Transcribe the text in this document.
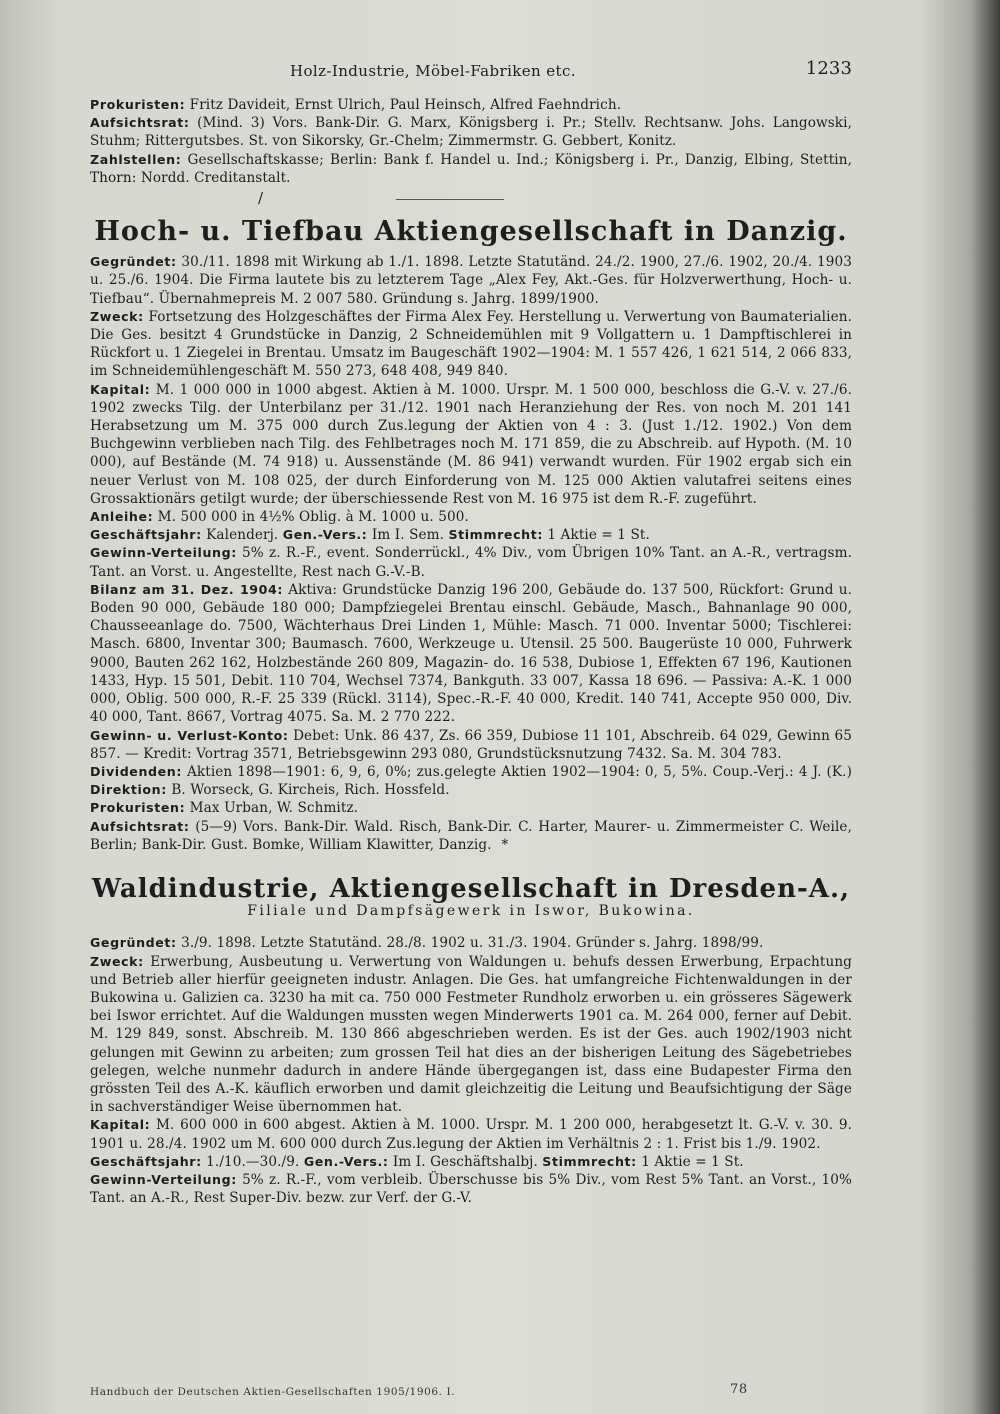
Holz-Industrie, Möbel-Fabriken etc.	1233

Prokuristen: Fritz Davideit, Ernst Ulrich, Paul Heinsch, Alfred Faehndrich.

Aufsichtsrat: (Mind. 3) Vors. Bank-Dir. G. Marx, Königsberg i. Pr.; Stellv. Rechtsanw. Johs. Langowski, Stuhm; Rittergutsbes. St. von Sikorsky, Gr.-Chelm; Zimmermstr. G. Gebbert, Konitz.

Zahlstellen: Gesellschaftskasse; Berlin: Bank f. Handel u. Ind.; Königsberg i. Pr., Danzig, Elbing, Stettin, Thorn: Nordd. Creditanstalt.

/
Hoch- u. Tiefbau Aktiengesellschaft in Danzig.

Gegründet: 30./11. 1898 mit Wirkung ab 1./1. 1898. Letzte Statutänd. 24./2. 1900, 27./6. 1902, 20./4. 1903 u. 25./6. 1904. Die Firma lautete bis zu letzterem Tage „Alex Fey, Akt.-Ges. für Holzverwerthung, Hoch- u. Tiefbau“. Übernahmepreis M. 2 007 580. Gründung s. Jahrg. 1899/1900.

Zweck: Fortsetzung des Holzgeschäftes der Firma Alex Fey. Herstellung u. Verwertung von Baumaterialien. Die Ges. besitzt 4 Grundstücke in Danzig, 2 Schneidemühlen mit 9 Vollgattern u. 1 Dampftischlerei in Rückfort u. 1 Ziegelei in Brentau. Umsatz im Baugeschäft 1902—1904: M. 1 557 426, 1 621 514, 2 066 833, im Schneidemühlengeschäft M. 550 273, 648 408, 949 840.

Kapital: M. 1 000 000 in 1000 abgest. Aktien à M. 1000. Urspr. M. 1 500 000, beschloss die G.-V. v. 27./6. 1902 zwecks Tilg. der Unterbilanz per 31./12. 1901 nach Heranziehung der Res. von noch M. 201 141 Herabsetzung um M. 375 000 durch Zus.legung der Aktien von 4 : 3. (Just 1./12. 1902.) Von dem Buchgewinn verblieben nach Tilg. des Fehlbetrages noch M. 171 859, die zu Abschreib. auf Hypoth. (M. 10 000), auf Bestände (M. 74 918) u. Aussenstände (M. 86 941) verwandt wurden. Für 1902 ergab sich ein neuer Verlust von M. 108 025, der durch Einforderung von M. 125 000 Aktien valutafrei seitens eines Grossaktionärs getilgt wurde; der überschiessende Rest von M. 16 975 ist dem R.-F. zugeführt.

Anleihe: M. 500 000 in 4½% Oblig. à M. 1000 u. 500.

Geschäftsjahr: Kalenderj. Gen.-Vers.: Im I. Sem. Stimmrecht: 1 Aktie = 1 St.

Gewinn-Verteilung: 5% z. R.-F., event. Sonderrückl., 4% Div., vom Übrigen 10% Tant. an A.-R., vertragsm. Tant. an Vorst. u. Angestellte, Rest nach G.-V.-B.

Bilanz am 31. Dez. 1904: Aktiva: Grundstücke Danzig 196 200, Gebäude do. 137 500, Rückfort: Grund u. Boden 90 000, Gebäude 180 000; Dampfziegelei Brentau einschl. Gebäude, Masch., Bahnanlage 90 000, Chausseeanlage do. 7500, Wächterhaus Drei Linden 1, Mühle: Masch. 71 000. Inventar 5000; Tischlerei: Masch. 6800, Inventar 300; Baumasch. 7600, Werkzeuge u. Utensil. 25 500. Baugerüste 10 000, Fuhrwerk 9000, Bauten 262 162, Holzbestände 260 809, Magazin- do. 16 538, Dubiose 1, Effekten 67 196, Kautionen 1433, Hyp. 15 501, Debit. 110 704, Wechsel 7374, Bankguth. 33 007, Kassa 18 696. — Passiva: A.-K. 1 000 000, Oblig. 500 000, R.-F. 25 339 (Rückl. 3114), Spec.-R.-F. 40 000, Kredit. 140 741, Accepte 950 000, Div. 40 000, Tant. 8667, Vortrag 4075. Sa. M. 2 770 222.

Gewinn- u. Verlust-Konto: Debet: Unk. 86 437, Zs. 66 359, Dubiose 11 101, Abschreib. 64 029, Gewinn 65 857. — Kredit: Vortrag 3571, Betriebsgewinn 293 080, Grundstücksnutzung 7432. Sa. M. 304 783.

Dividenden: Aktien 1898—1901: 6, 9, 6, 0%; zus.gelegte Aktien 1902—1904: 0, 5, 5%. Coup.-Verj.: 4 J. (K.) Direktion: B. Worseck, G. Kircheis, Rich. Hossfeld.

Prokuristen: Max Urban, W. Schmitz.

Aufsichtsrat: (5—9) Vors. Bank-Dir. Wald. Risch, Bank-Dir. C. Harter, Maurer- u. Zimmermeister C. Weile, Berlin; Bank-Dir. Gust. Bomke, William Klawitter, Danzig. *

Waldindustrie, Aktiengesellschaft in Dresden-A.,
Filiale und Dampfsägewerk in Iswor, Bukowina.

Gegründet: 3./9. 1898. Letzte Statutänd. 28./8. 1902 u. 31./3. 1904. Gründer s. Jahrg. 1898/99.

Zweck: Erwerbung, Ausbeutung u. Verwertung von Waldungen u. behufs dessen Erwerbung, Erpachtung und Betrieb aller hierfür geeigneten industr. Anlagen. Die Ges. hat umfangreiche Fichtenwaldungen in der Bukowina u. Galizien ca. 3230 ha mit ca. 750 000 Festmeter Rundholz erworben u. ein grösseres Sägewerk bei Iswor errichtet. Auf die Waldungen mussten wegen Minderwerts 1901 ca. M. 264 000, ferner auf Debit. M. 129 849, sonst. Abschreib. M. 130 866 abgeschrieben werden. Es ist der Ges. auch 1902/1903 nicht gelungen mit Gewinn zu arbeiten; zum grossen Teil hat dies an der bisherigen Leitung des Sägebetriebes gelegen, welche nunmehr dadurch in andere Hände übergegangen ist, dass eine Budapester Firma den grössten Teil des A.-K. käuflich erworben und damit gleichzeitig die Leitung und Beaufsichtigung der Säge in sachverständiger Weise übernommen hat.

Kapital: M. 600 000 in 600 abgest. Aktien à M. 1000. Urspr. M. 1 200 000, herabgesetzt lt. G.-V. v. 30. 9. 1901 u. 28./4. 1902 um M. 600 000 durch Zus.legung der Aktien im Verhältnis 2 : 1. Frist bis 1./9. 1902.

Geschäftsjahr: 1./10.—30./9. Gen.-Vers.: Im I. Geschäftshalbj. Stimmrecht: 1 Aktie = 1 St.

Gewinn-Verteilung: 5% z. R.-F., vom verbleib. Überschusse bis 5% Div., vom Rest 5% Tant. an Vorst., 10% Tant. an A.-R., Rest Super-Div. bezw. zur Verf. der G.-V.

Handbuch der Deutschen Aktien-Gesellschaften 1905/1906. I.	78
